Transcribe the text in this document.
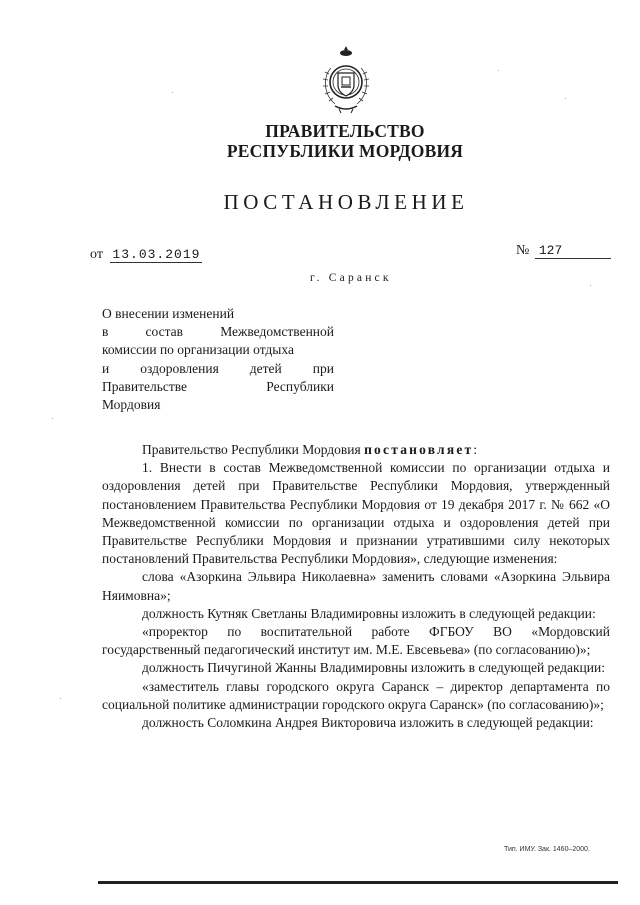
ПРАВИТЕЛЬСТВО
РЕСПУБЛИКИ МОРДОВИЯ
ПОСТАНОВЛЕНИЕ
от 13.03.2019	№ 127
г. Саранск
О внесении изменений
в	состав	Межведомственной
комиссии по организации отдыха
и оздоровления детей при
Правительстве	Республики
Мордовия

Правительство Республики Мордовия постановляет:

1. Внести в состав Межведомственной комиссии по организации отдыха и оздоровления детей при Правительстве Республики Мордовия, утвержденный постановлением Правительства Республики Мордовия от 19 декабря 2017 г. № 662 «О Межведомственной комиссии по организации отдыха и оздоровления детей при Правительстве Республики Мордовия и признании утратившими силу некоторых постановлений Правительства Республики Мордовия», следующие изменения:

слова «Азоркина Эльвира Николаевна» заменить словами «Азоркина Эльвира Няимовна»;

должность Кутняк Светланы Владимировны изложить в следующей редакции:

«проректор по воспитательной работе ФГБОУ ВО «Мордовский государственный педагогический институт им. М.Е. Евсевьева» (по согласованию)»;

должность Пичугиной Жанны Владимировны изложить в следующей редакции:

«заместитель главы городского округа Саранск – директор департамента по социальной политике администрации городского округа Саранск» (по согласованию)»;

должность Соломкина Андрея Викторовича изложить в следующей редакции:

Тип. ИМУ. Зак. 1460–2000.
